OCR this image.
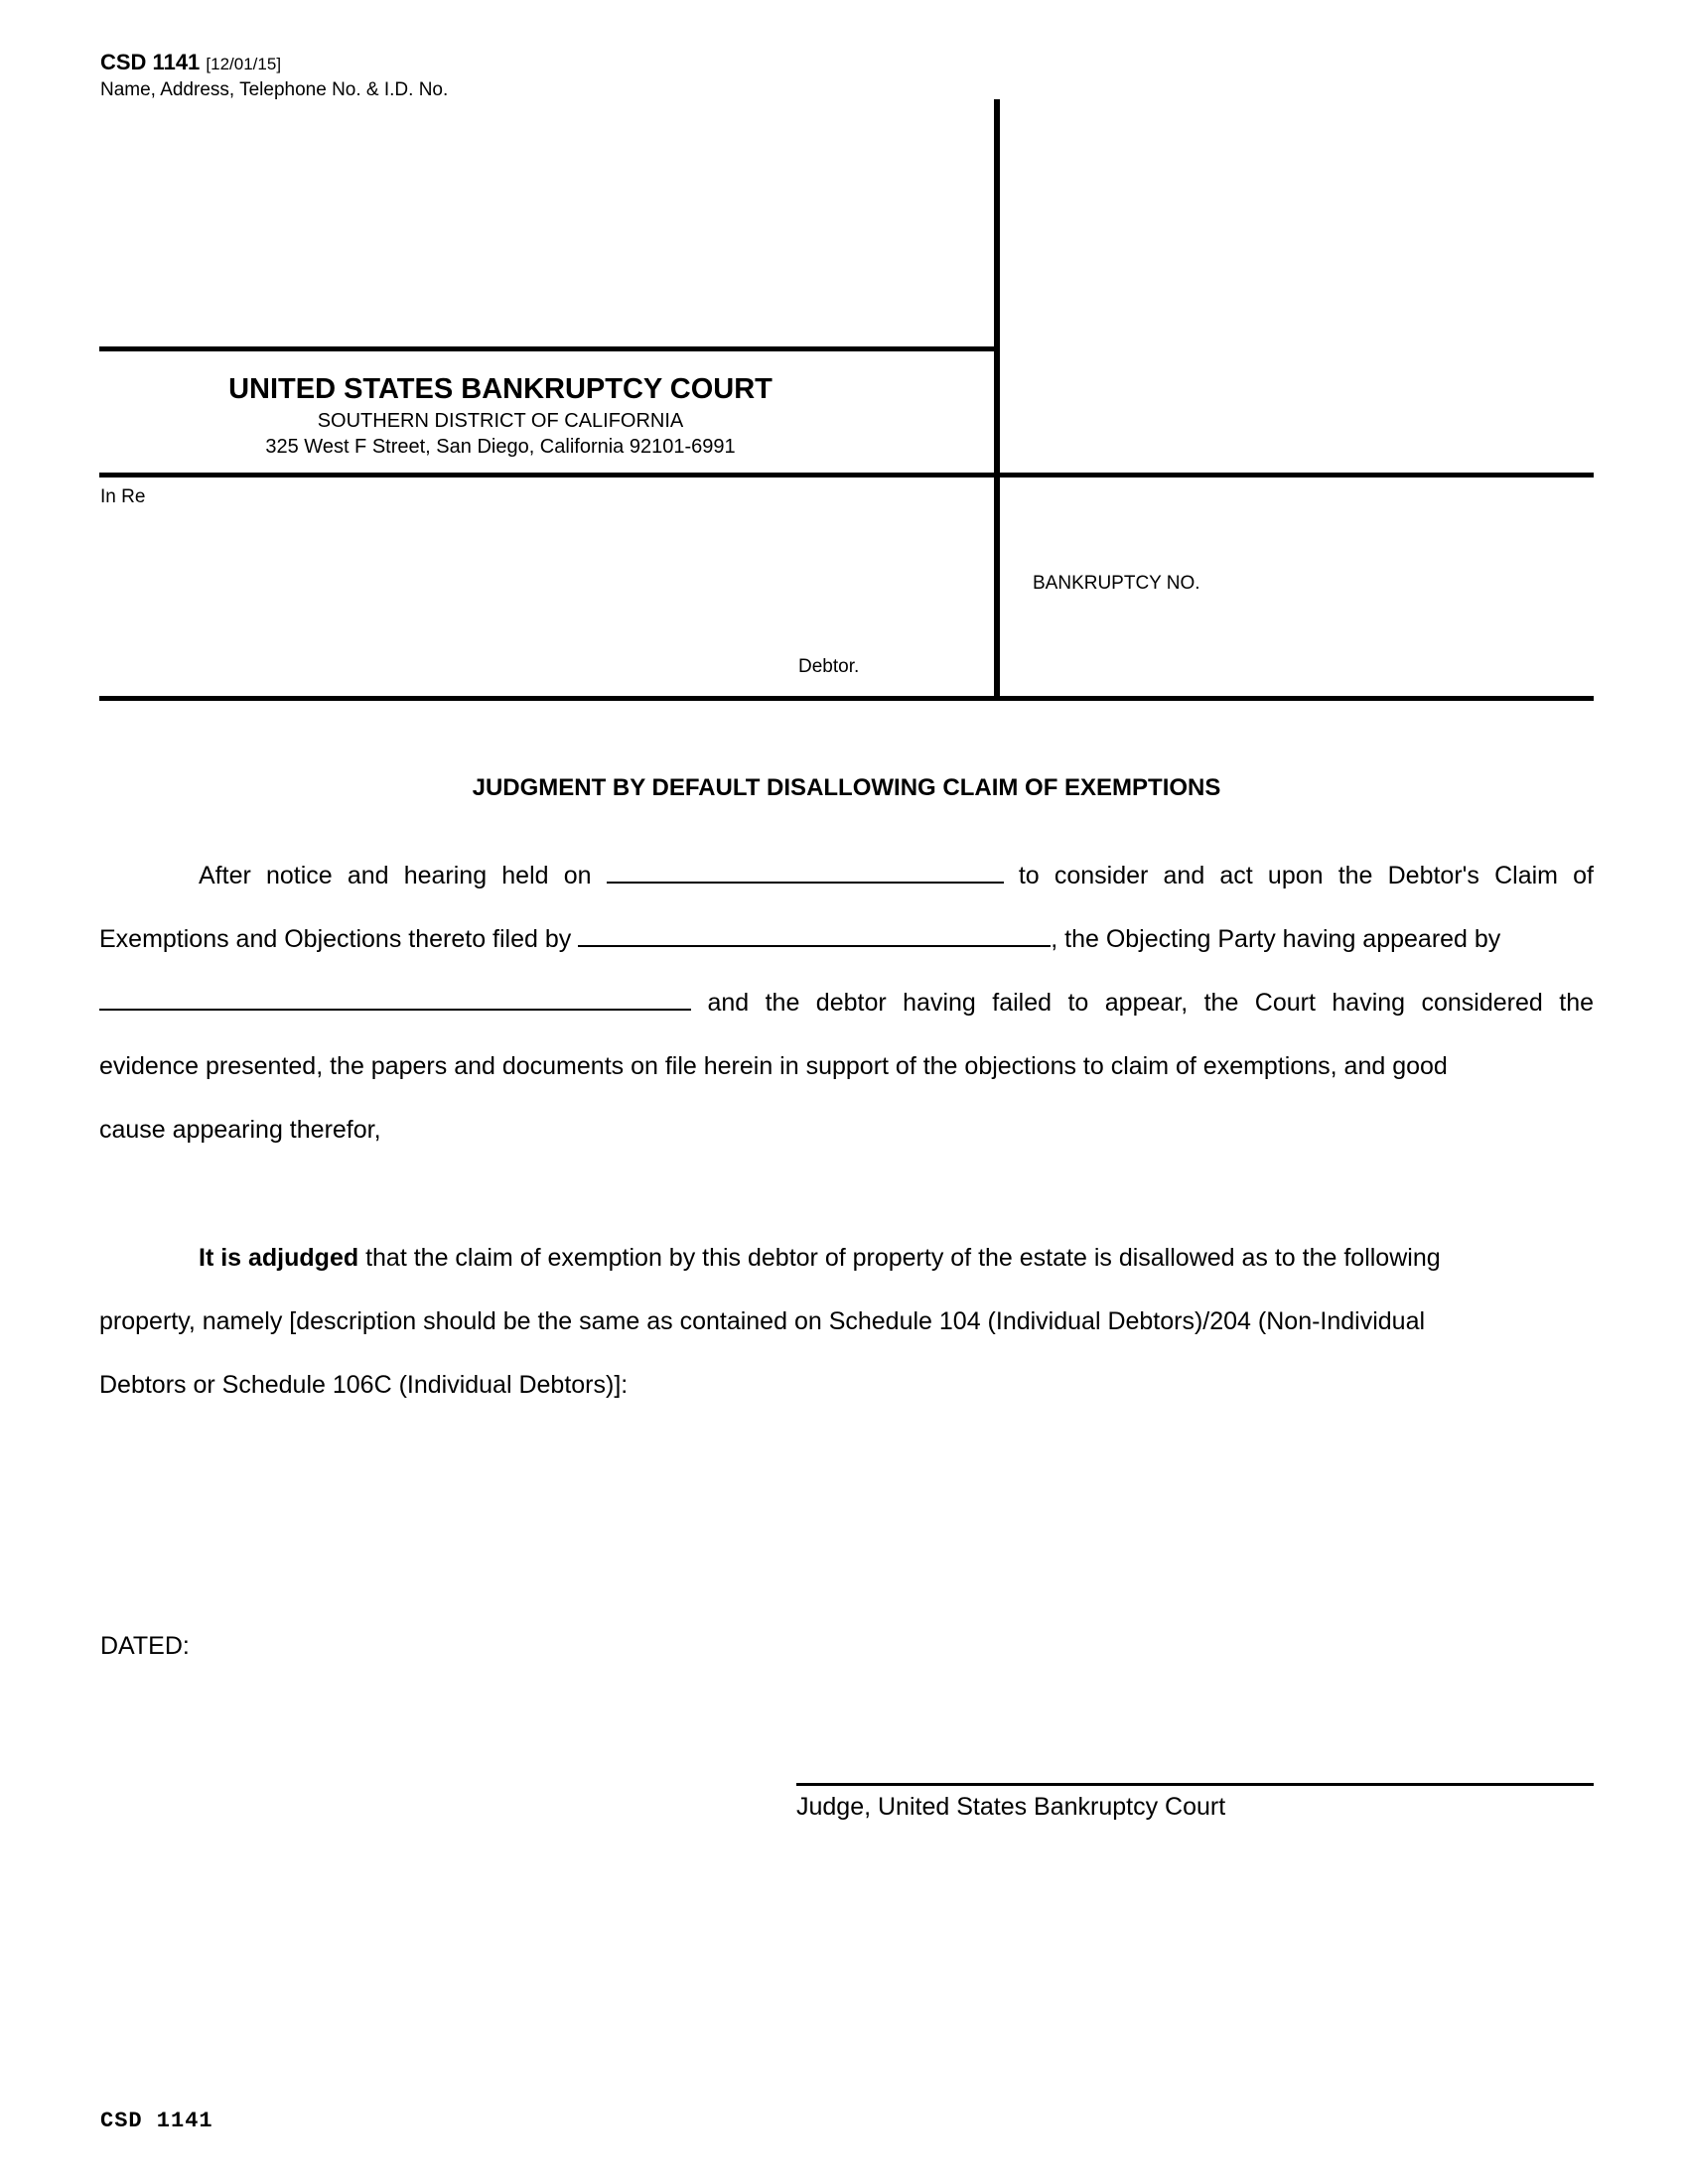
CSD 1141 [12/01/15]
Name, Address, Telephone No. & I.D. No.
UNITED STATES BANKRUPTCY COURT
SOUTHERN DISTRICT OF CALIFORNIA
325 West F Street, San Diego, California 92101-6991
In Re
Debtor.
BANKRUPTCY NO.
JUDGMENT BY DEFAULT DISALLOWING CLAIM OF EXEMPTIONS
After notice and hearing held on	to consider and act upon the Debtor's Claim of
Exemptions and Objections thereto filed by	, the Objecting Party having appeared by
and the debtor having failed to appear, the Court having considered the
evidence presented, the papers and documents on file herein in support of the objections to claim of exemptions, and good
cause appearing therefor,
It is adjudged that the claim of exemption by this debtor of property of the estate is disallowed as to the following
property, namely [description should be the same as contained on Schedule 104 (Individual Debtors)/204 (Non-Individual
Debtors or Schedule 106C (Individual Debtors)]:
DATED:
Judge, United States Bankruptcy Court
CSD 1141
